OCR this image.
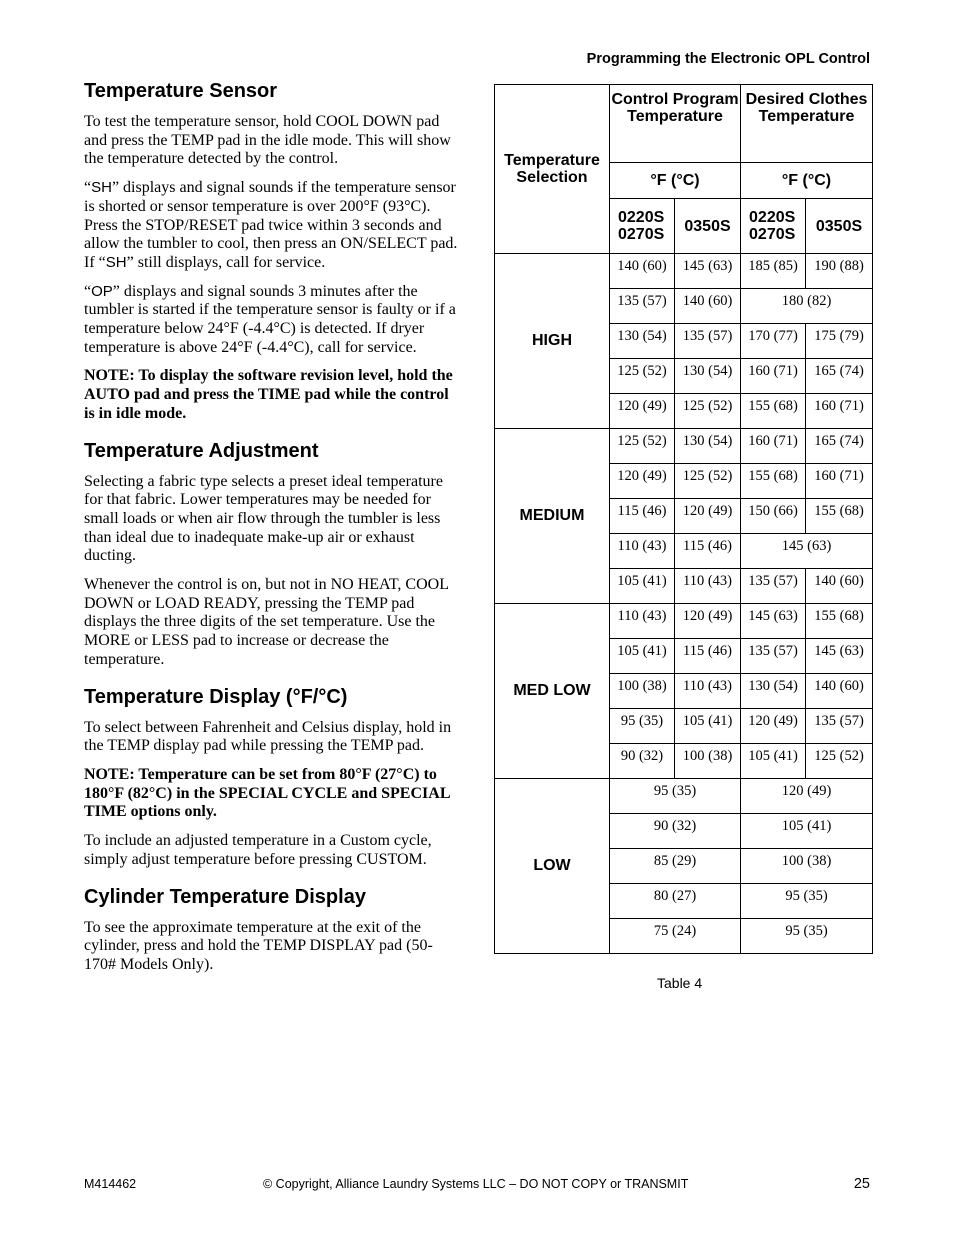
Programming the Electronic OPL Control
Temperature Sensor

To test the temperature sensor, hold COOL DOWN pad and press the TEMP pad in the idle mode. This will show the temperature detected by the control.

“SH” displays and signal sounds if the temperature sensor is shorted or sensor temperature is over 200°F (93°C). Press the STOP/RESET pad twice within 3 seconds and allow the tumbler to cool, then press an ON/SELECT pad. If “SH” still displays, call for service.

“OP” displays and signal sounds 3 minutes after the tumbler is started if the temperature sensor is faulty or if a temperature below 24°F (-4.4°C) is detected. If dryer temperature is above 24°F (-4.4°C), call for service.

NOTE: To display the software revision level, hold the AUTO pad and press the TIME pad while the control is in idle mode.

Temperature Adjustment

Selecting a fabric type selects a preset ideal temperature for that fabric. Lower temperatures may be needed for small loads or when air flow through the tumbler is less than ideal due to inadequate make-up air or exhaust ducting.

Whenever the control is on, but not in NO HEAT, COOL DOWN or LOAD READY, pressing the TEMP pad displays the three digits of the set temperature. Use the MORE or LESS pad to increase or decrease the temperature.

Temperature Display (°F/°C)

To select between Fahrenheit and Celsius display, hold in the TEMP display pad while pressing the TEMP pad.

NOTE: Temperature can be set from 80°F (27°C) to 180°F (82°C) in the SPECIAL CYCLE and SPECIAL TIME options only.

To include an adjusted temperature in a Custom cycle, simply adjust temperature before pressing CUSTOM.

Cylinder Temperature Display

To see the approximate temperature at the exit of the cylinder, press and hold the TEMP DISPLAY pad (50-170# Models Only).

Temperature Selection	Control Program Temperature		Desired Clothes Temperature	
	°F (°C)		°F (°C)	
	0220S 0270S	0350S	0220S 0270S	0350S
HIGH	140 (60)	145 (63)	185 (85)	190 (88)
	135 (57)	140 (60)	180 (82)	
	130 (54)	135 (57)	170 (77)	175 (79)
	125 (52)	130 (54)	160 (71)	165 (74)
	120 (49)	125 (52)	155 (68)	160 (71)
MEDIUM	125 (52)	130 (54)	160 (71)	165 (74)
	120 (49)	125 (52)	155 (68)	160 (71)
	115 (46)	120 (49)	150 (66)	155 (68)
	110 (43)	115 (46)	145 (63)	
	105 (41)	110 (43)	135 (57)	140 (60)
MED LOW	110 (43)	120 (49)	145 (63)	155 (68)
	105 (41)	115 (46)	135 (57)	145 (63)
	100 (38)	110 (43)	130 (54)	140 (60)
	95 (35)	105 (41)	120 (49)	135 (57)
	90 (32)	100 (38)	105 (41)	125 (52)
LOW	95 (35)		120 (49)	
	90 (32)		105 (41)	
	85 (29)		100 (38)	
	80 (27)		95 (35)	
	75 (24)		95 (35)	
Table 4
M414462	© Copyright, Alliance Laundry Systems LLC – DO NOT COPY or TRANSMIT	25
